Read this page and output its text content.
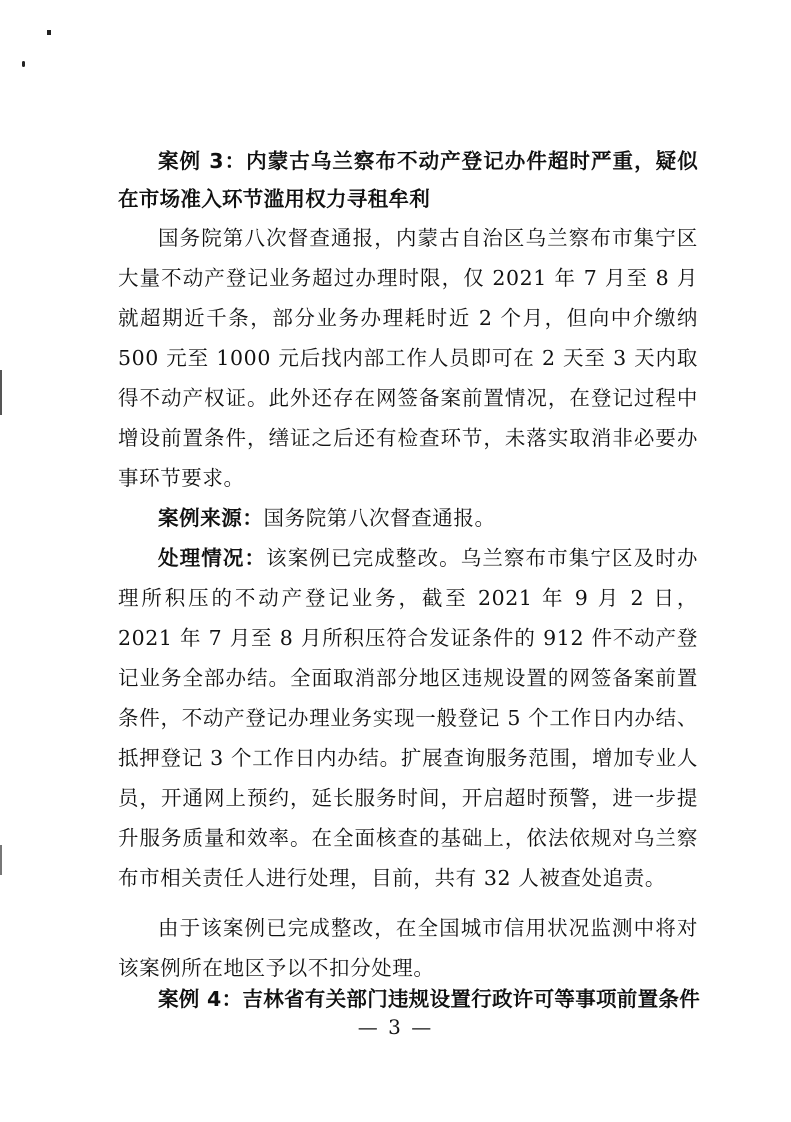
案例 3：内蒙古乌兰察布不动产登记办件超时严重，疑似在市场准入环节滥用权力寻租牟利

国务院第八次督查通报，内蒙古自治区乌兰察布市集宁区大量不动产登记业务超过办理时限，仅 2021 年 7 月至 8 月就超期近千条，部分业务办理耗时近 2 个月，但向中介缴纳 500 元至 1000 元后找内部工作人员即可在 2 天至 3 天内取得不动产权证。此外还存在网签备案前置情况，在登记过程中增设前置条件，缮证之后还有检查环节，未落实取消非必要办事环节要求。

案例来源：国务院第八次督查通报。

处理情况：该案例已完成整改。乌兰察布市集宁区及时办理所积压的不动产登记业务，截至 2021 年 9 月 2 日，2021 年 7 月至 8 月所积压符合发证条件的 912 件不动产登记业务全部办结。全面取消部分地区违规设置的网签备案前置条件，不动产登记办理业务实现一般登记 5 个工作日内办结、抵押登记 3 个工作日内办结。扩展查询服务范围，增加专业人员，开通网上预约，延长服务时间，开启超时预警，进一步提升服务质量和效率。在全面核查的基础上，依法依规对乌兰察布市相关责任人进行处理，目前，共有 32 人被查处追责。

由于该案例已完成整改，在全国城市信用状况监测中将对该案例所在地区予以不扣分处理。

案例 4：吉林省有关部门违规设置行政许可等事项前置条件

— 3 —
